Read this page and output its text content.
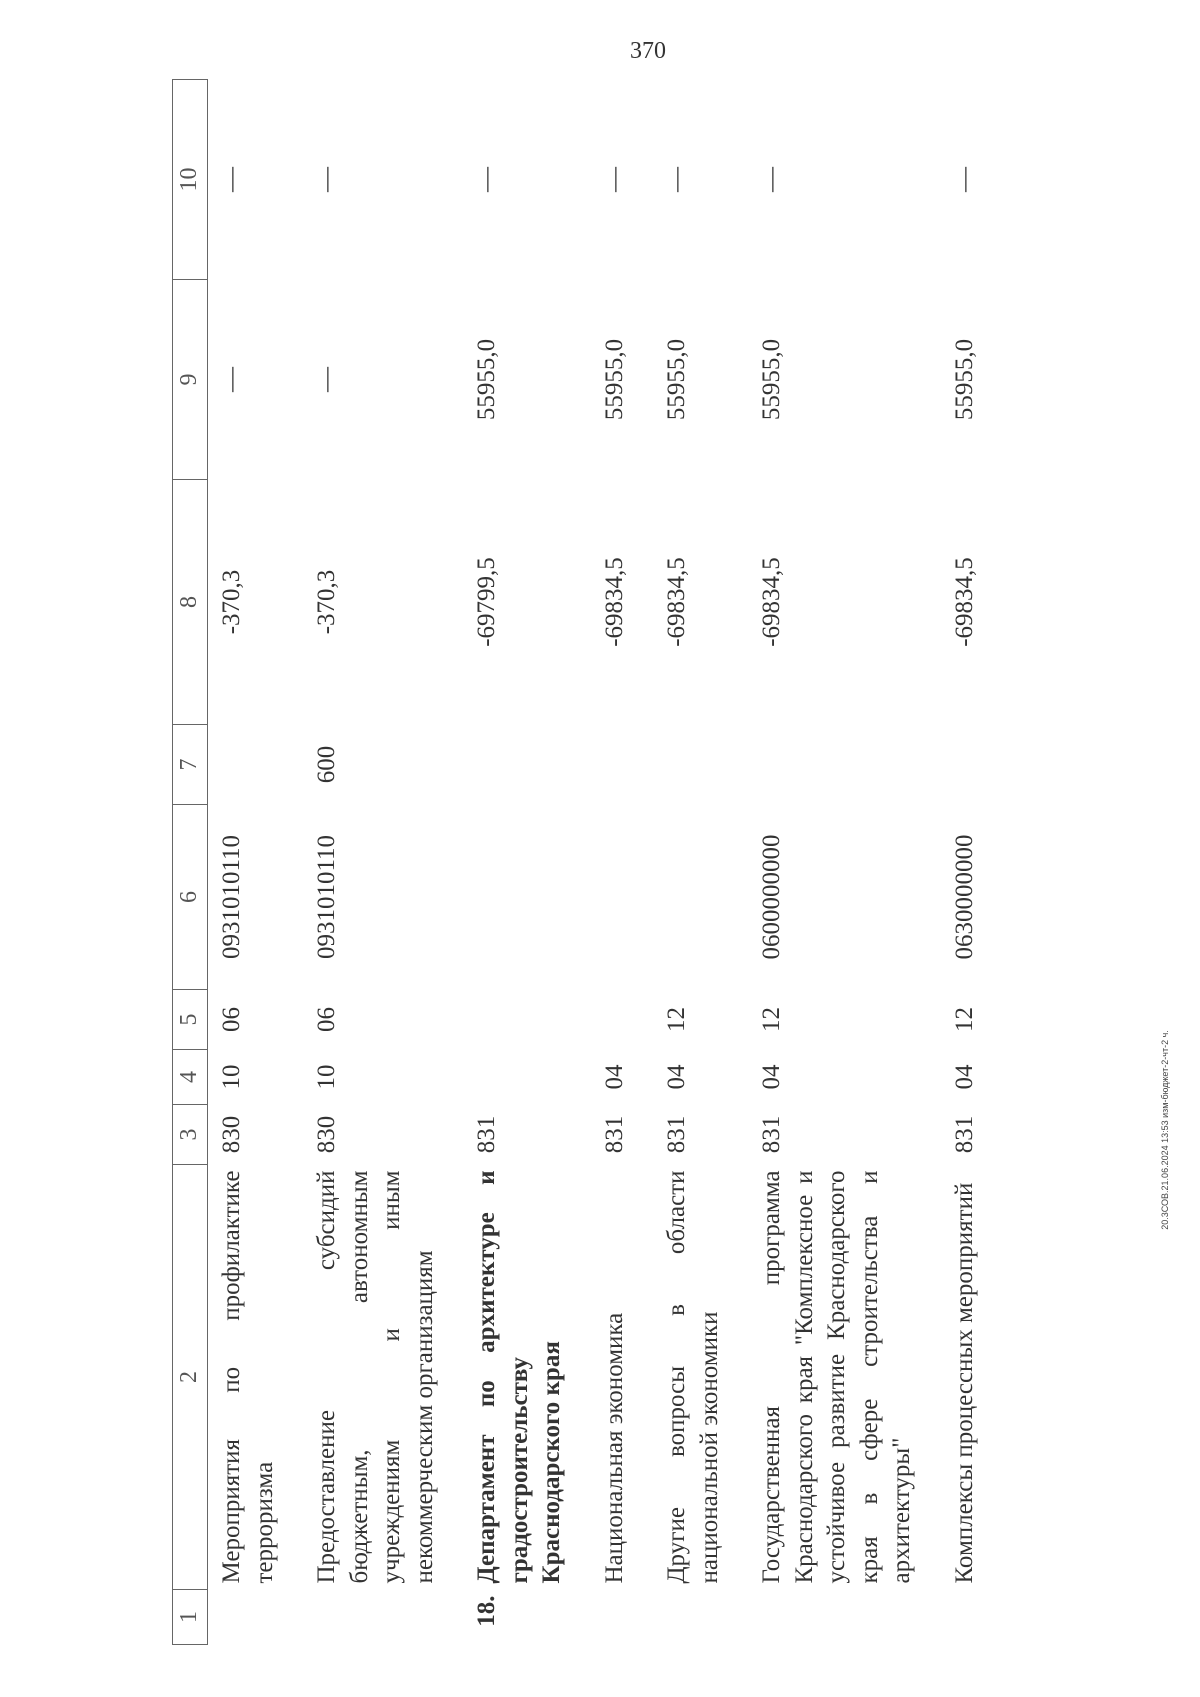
370
20.3СОВ.21.06.2024 13:53 изм-бюджет-2-чт-2 ч.
1	2	3	4	5	6	7	8	9	10
	Мероприятия по профилактике терроризма	830	10	06	0931010110		-370,3	—	—
	Предоставление субсидий бюджетным, автономным учреждениям и иным некоммерческим организациям	830	10	06	0931010110	600	-370,3	—	—
18.	Департамент по архитектуре и градостроительству Краснодарского края	831					-69799,5	55955,0	—
	Национальная экономика	831	04				-69834,5	55955,0	—
	Другие вопросы в области национальной экономики	831	04	12			-69834,5	55955,0	—
	Государственная программа Краснодарского края "Комплексное и устойчивое развитие Краснодарского края в сфере строительства и архитектуры"	831	04	12	0600000000		-69834,5	55955,0	—
	Комплексы процессных мероприятий	831	04	12	0630000000		-69834,5	55955,0	—
